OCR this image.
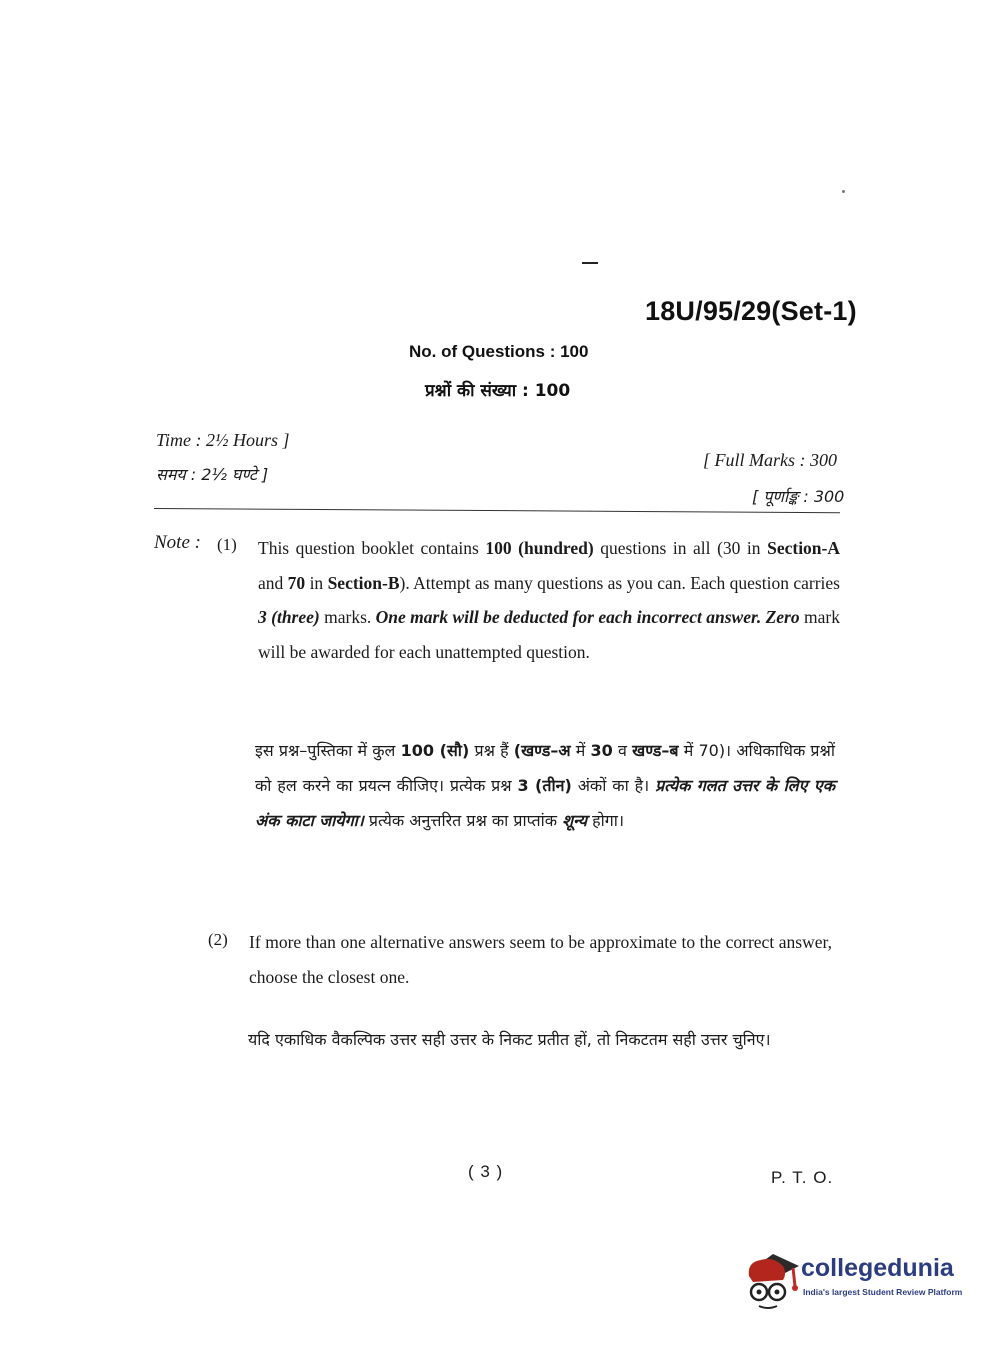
18U/95/29(Set-1)
No. of Questions : 100
प्रश्नों की संख्या : 100
Time : 2½ Hours ]
समय : 2½ घण्टे ]
[ Full Marks : 300
[ पूर्णाङ्क : 300
Note : (1) This question booklet contains 100 (hundred) questions in all (30 in Section-A and 70 in Section-B). Attempt as many questions as you can. Each question carries 3 (three) marks. One mark will be deducted for each incorrect answer. Zero mark will be awarded for each unattempted question.
इस प्रश्न–पुस्तिका में कुल 100 (सौ) प्रश्न हैं (खण्ड–अ में 30 व खण्ड–ब में 70)। अधिकाधिक प्रश्नों को हल करने का प्रयत्न कीजिए। प्रत्येक प्रश्न 3 (तीन) अंकों का है। प्रत्येक गलत उत्तर के लिए एक अंक काटा जायेगा। प्रत्येक अनुत्तरित प्रश्न का प्राप्तांक शून्य होगा।
(2) If more than one alternative answers seem to be approximate to the correct answer, choose the closest one.
यदि एकाधिक वैकल्पिक उत्तर सही उत्तर के निकट प्रतीत हों, तो निकटतम सही उत्तर चुनिए।
( 3 )	P. T. O.
collegedunia
India's largest Student Review Platform
